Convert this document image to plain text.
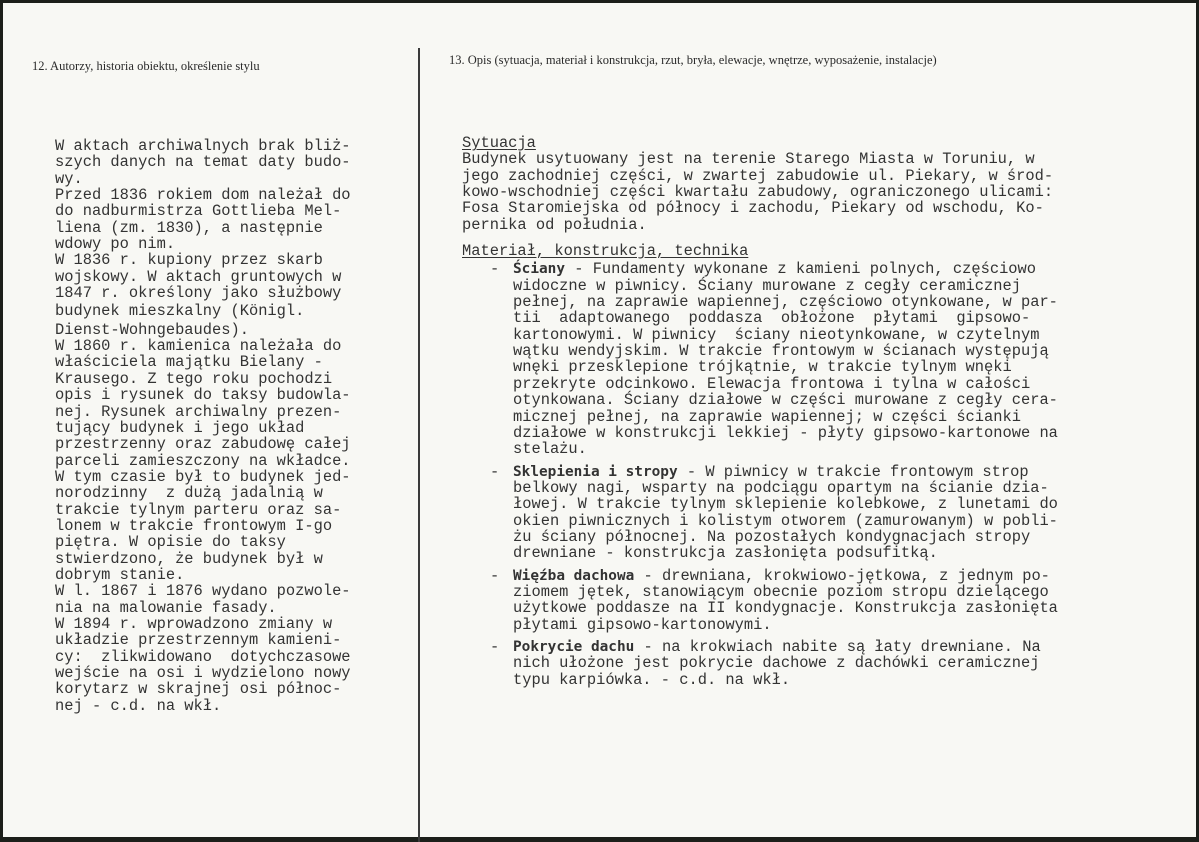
12. Autorzy, historia obiektu, określenie stylu	13. Opis (sytuacja, materiał i konstrukcja, rzut, bryła, elewacje, wnętrze, wyposażenie, instalacje)
W aktach archiwalnych brak bliż-
szych danych na temat daty budo-
wy.
Przed 1836 rokiem dom należał do
do nadburmistrza Gottlieba Mel-
liena (zm. 1830), a następnie
wdowy po nim.
W 1836 r. kupiony przez skarb
wojskowy. W aktach gruntowych w
1847 r. określony jako służbowy
budynek mieszkalny (Königl.
Dienst-Wohngebaudes).
W 1860 r. kamienica należała do
właściciela majątku Bielany -
Krausego. Z tego roku pochodzi
opis i rysunek do taksy budowla-
nej. Rysunek archiwalny prezen-
tujący budynek i jego układ
przestrzenny oraz zabudowę całej
parceli zamieszczony na wkładce.
W tym czasie był to budynek jed-
norodzinny  z dużą jadalnią w
trakcie tylnym parteru oraz sa-
lonem w trakcie frontowym I-go
piętra. W opisie do taksy
stwierdzono, że budynek był w
dobrym stanie.
W l. 1867 i 1876 wydano pozwole-
nia na malowanie fasady.
W 1894 r. wprowadzono zmiany w
układzie przestrzennym kamieni-
cy:  zlikwidowano  dotychczasowe
wejście na osi i wydzielono nowy
korytarz w skrajnej osi północ-
nej - c.d. na wkł.
Sytuacja
Budynek usytuowany jest na terenie Starego Miasta w Toruniu, w
jego zachodniej części, w zwartej zabudowie ul. Piekary, w środ-
kowo-wschodniej części kwartału zabudowy, ograniczonego ulicami:
Fosa Staromiejska od północy i zachodu, Piekary od wschodu, Ko-
pernika od południa.
Materiał, konstrukcja, technika
- Ściany - Fundamenty wykonane z kamieni polnych, częściowo
widoczne w piwnicy. Ściany murowane z cegły ceramicznej
pełnej, na zaprawie wapiennej, częściowo otynkowane, w par-
tii  adaptowanego  poddasza  obłożone  płytami  gipsowo-
kartonowymi. W piwnicy  ściany nieotynkowane, w czytelnym
wątku wendyjskim. W trakcie frontowym w ścianach występują
wnęki przesklepione trójkątnie, w trakcie tylnym wnęki
przekryte odcinkowo. Elewacja frontowa i tylna w całości
otynkowana. Ściany działowe w części murowane z cegły cera-
micznej pełnej, na zaprawie wapiennej; w części ścianki
działowe w konstrukcji lekkiej - płyty gipsowo-kartonowe na
stelażu.
- Sklepienia i stropy - W piwnicy w trakcie frontowym strop
belkowy nagi, wsparty na podciągu opartym na ścianie dzia-
łowej. W trakcie tylnym sklepienie kolebkowe, z lunetami do
okien piwnicznych i kolistym otworem (zamurowanym) w pobli-
żu ściany północnej. Na pozostałych kondygnacjach stropy
drewniane - konstrukcja zasłonięta podsufitką.
- Więźba dachowa - drewniana, krokwiowo-jętkowa, z jednym po-
ziomem jętek, stanowiącym obecnie poziom stropu dzielącego
użytkowe poddasze na II kondygnacje. Konstrukcja zasłonięta
płytami gipsowo-kartonowymi.
- Pokrycie dachu - na krokwiach nabite są łaty drewniane. Na
nich ułożone jest pokrycie dachowe z dachówki ceramicznej
typu karpiówka. - c.d. na wkł.
